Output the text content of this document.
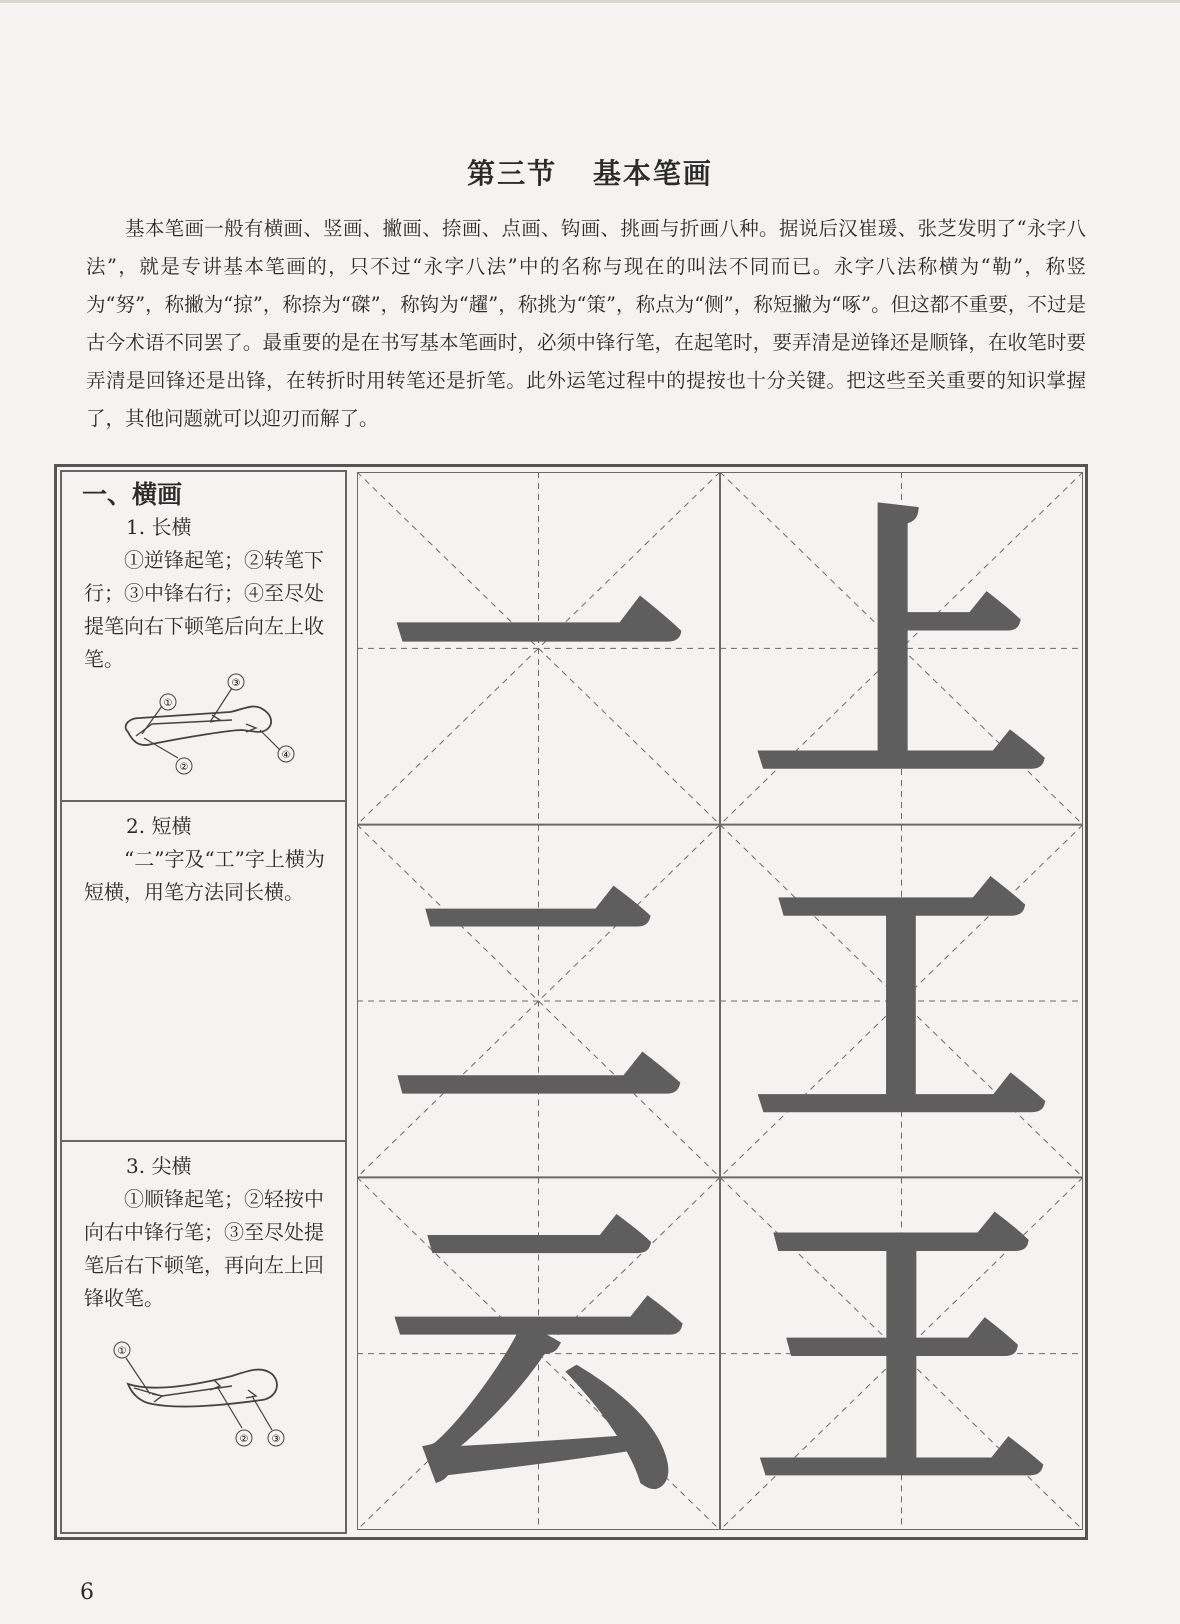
第三节 基本笔画

基本笔画一般有横画、竖画、撇画、捺画、点画、钩画、挑画与折画八种。据说后汉崔瑗、张芝发明了“永字八法”，就是专讲基本笔画的，只不过“永字八法”中的名称与现在的叫法不同而已。永字八法称横为“勒”，称竖为“努”，称撇为“掠”，称捺为“磔”，称钩为“趯”，称挑为“策”，称点为“侧”，称短撇为“啄”。但这都不重要，不过是古今术语不同罢了。最重要的是在书写基本笔画时，必须中锋行笔，在起笔时，要弄清是逆锋还是顺锋，在收笔时要弄清是回锋还是出锋，在转折时用转笔还是折笔。此外运笔过程中的提按也十分关键。把这些至关重要的知识掌握了，其他问题就可以迎刃而解了。

一、横画
1. 长横
①逆锋起笔；②转笔下行；③中锋右行；④至尽处提笔向右下顿笔后向左上收笔。
①
③
②
④
2. 短横
“二”字及“工”字上横为短横，用笔方法同长横。
3. 尖横
①顺锋起笔；②轻按中向右中锋行笔；③至尽处提笔后右下顿笔，再向左上回锋收笔。
①
② ③
一 上
二 工
云 王
6
